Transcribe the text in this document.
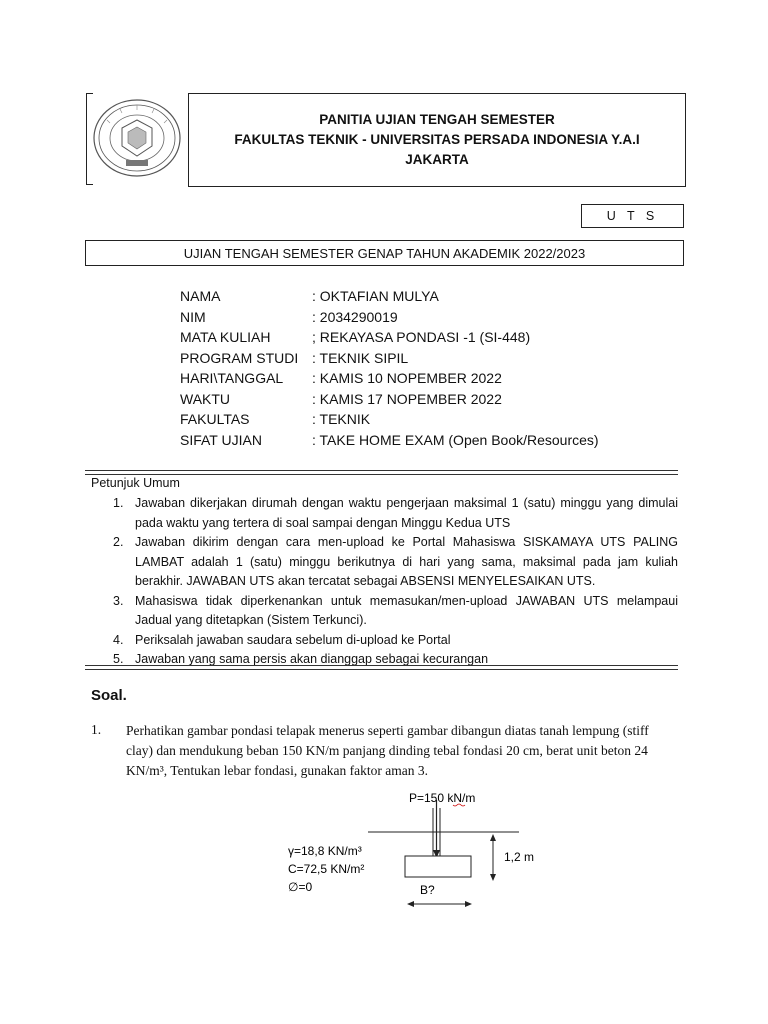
PANITIA UJIAN TENGAH SEMESTER
FAKULTAS TEKNIK - UNIVERSITAS PERSADA INDONESIA Y.A.I
JAKARTA
U T S
UJIAN TENGAH SEMESTER GENAP TAHUN AKADEMIK 2022/2023
NAMA	: OKTAFIAN MULYA
NIM	: 2034290019
MATA KULIAH	; REKAYASA PONDASI -1 (SI-448)
PROGRAM STUDI : TEKNIK SIPIL
HARI\TANGGAL : KAMIS 10 NOPEMBER 2022
WAKTU	: KAMIS 17 NOPEMBER 2022
FAKULTAS	: TEKNIK
SIFAT UJIAN	: TAKE HOME EXAM (Open Book/Resources)
Petunjuk Umum
1. Jawaban dikerjakan dirumah dengan waktu pengerjaan maksimal 1 (satu) minggu yang dimulai pada waktu yang tertera di soal sampai dengan Minggu Kedua UTS
2. Jawaban dikirim dengan cara men-upload ke Portal Mahasiswa SISKAMAYA UTS PALING LAMBAT adalah 1 (satu) minggu berikutnya di hari yang sama, maksimal pada jam kuliah berakhir. JAWABAN UTS akan tercatat sebagai ABSENSI MENYELESAIKAN UTS.
3. Mahasiswa tidak diperkenankan untuk memasukan/men-upload JAWABAN UTS melampaui Jadual yang ditetapkan (Sistem Terkunci).
4. Periksalah jawaban saudara sebelum di-upload ke Portal
5. Jawaban yang sama persis akan dianggap sebagai kecurangan
Soal.
1. Perhatikan gambar pondasi telapak menerus seperti gambar dibangun diatas tanah lempung (stiff clay) dan mendukung beban 150 KN/m panjang dinding tebal fondasi 20 cm, berat unit beton 24 KN/m³, Tentukan lebar fondasi, gunakan faktor aman 3.
P=150 kN/m
γ=18,8 KN/m³
C=72,5 KN/m²
∅=0
1,2 m
B?
